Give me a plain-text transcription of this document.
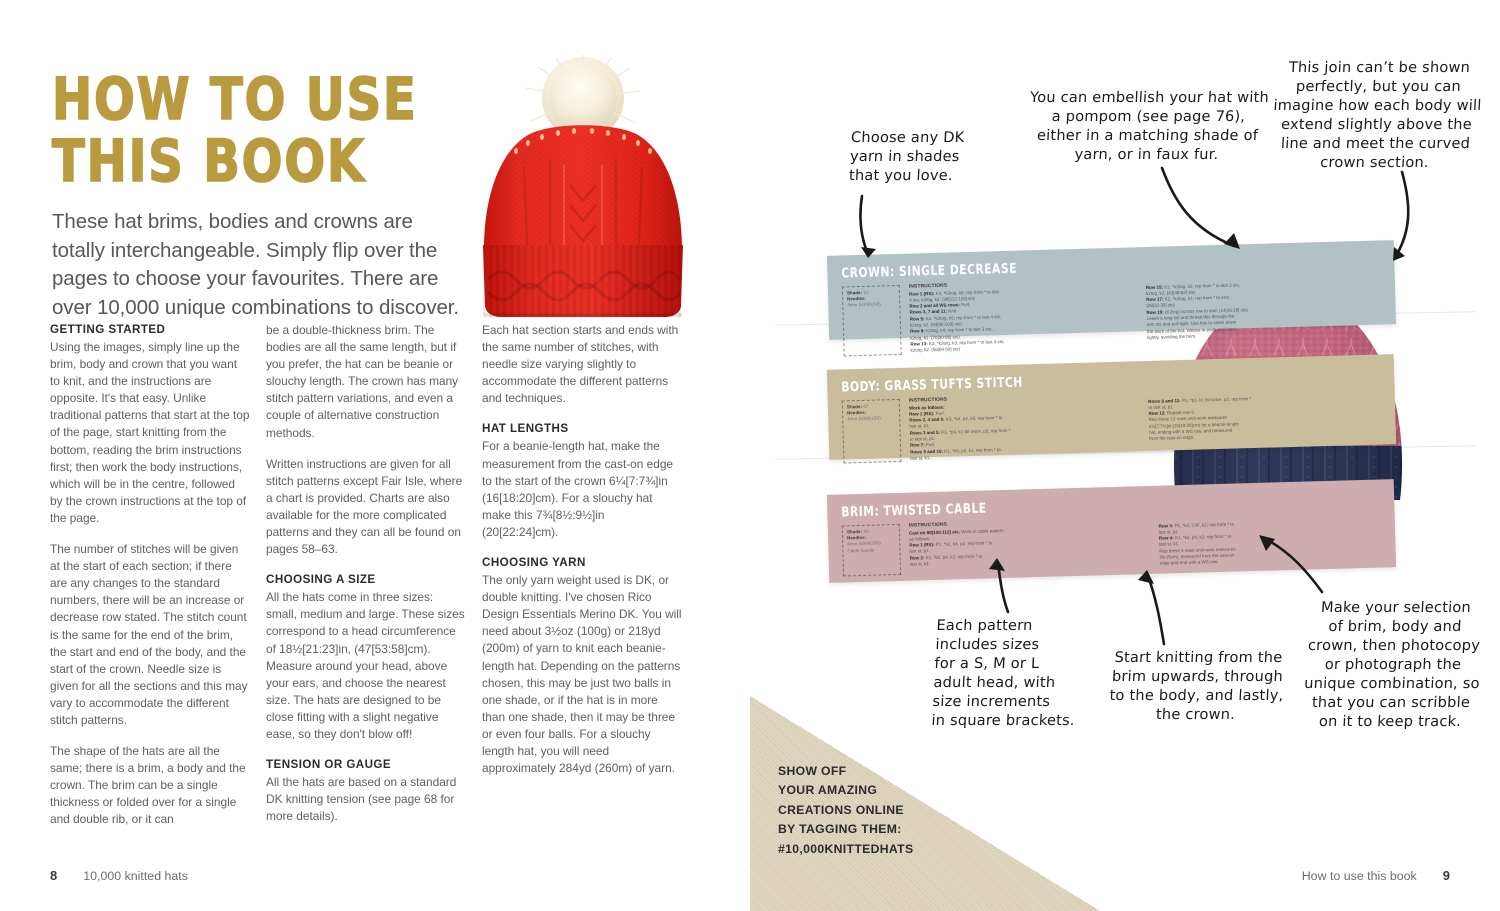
HOW TO USE
THIS BOOK
These hat brims, bodies and crowns are totally interchangeable. Simply flip over the pages to choose your favourites. There are over 10,000 unique combinations to discover.
GETTING STARTED

Using the images, simply line up the brim, body and crown that you want to knit, and the instructions are opposite. It's that easy. Unlike traditional patterns that start at the top of the page, start knitting from the bottom, reading the brim instructions first; then work the body instructions, which will be in the centre, followed by the crown instructions at the top of the page.

The number of stitches will be given at the start of each section; if there are any changes to the standard numbers, there will be an increase or decrease row stated. The stitch count is the same for the end of the brim, the start and end of the body, and the start of the crown. Needle size is given for all the sections and this may vary to accommodate the different stitch patterns.

The shape of the hats are all the same; there is a brim, a body and the crown. The brim can be a single thickness or folded over for a single and double rib, or it can

be a double-thickness brim. The bodies are all the same length, but if you prefer, the hat can be beanie or slouchy length. The crown has many stitch pattern variations, and even a couple of alternative construction methods.

Written instructions are given for all stitch patterns except Fair Isle, where a chart is provided. Charts are also available for the more complicated patterns and they can all be found on pages 58–63.

CHOOSING A SIZE

All the hats come in three sizes: small, medium and large. These sizes correspond to a head circumference of 18½[21:23]in, (47[53:58]cm). Measure around your head, above your ears, and choose the nearest size. The hats are designed to be close fitting with a slight negative ease, so they don't blow off!

TENSION OR GAUGE

All the hats are based on a standard DK knitting tension (see page 68 for more details).

Each hat section starts and ends with the same number of stitches, with needle size varying slightly to accommodate the different patterns and techniques.

HAT LENGTHS

For a beanie-length hat, make the measurement from the cast-on edge to the start of the crown 6¼[7:7¾]in (16[18:20]cm). For a slouchy hat make this 7¾[8½:9½]in (20[22:24]cm).

CHOOSING YARN

The only yarn weight used is DK, or double knitting. I've chosen Rico Design Essentials Merino DK. You will need about 3½oz (100g) or 218yd (200m) of yarn to knit each beanie-length hat. Depending on the patterns chosen, this may be just two balls in one shade, or if the hat is in more than one shade, then it may be three or even four balls. For a slouchy length hat, you will need approximately 284yd (260m) of yarn.

8 10,000 knitted hats
CROWN: SINGLE DECREASE
Shade: 01
Needles:
4mm (UK8/US6)
INSTRUCTIONS

Row 1 (RS): K4, *k2tog, k6; rep from * to last

4 sts, k2tog, k2. (98[112:120] sts)

Row 2 and all WS rows: Purl.

Rows 3, 7 and 11: Knit.

Row 5: K3, *k2tog, k5; rep from * to last 4 sts,

k2tog, k2. (84[96:103] sts)

Row 9: K2tog, k4; rep from * to last 3 sts,

k2tog, k1. (70[80:86] sts)

Row 13: K3, *k2tog, k3; rep from * to last 4 sts,

k2tog, k2. (56[64:69] sts)

Row 15: K2, *k2tog, k2; rep from * to last 3 sts,

k2tog, k2. (42[48:52] sts)

Row 17: K2, *k2tog, k1; rep from * to end.

(28[32:35] sts)

Row 19: (K2tog) across row to end. (14[16:18] sts)

Leave a long tail and thread this through the

rem sts and pull tight. Use this to seam down

the back of the hat. Weave in ends and block

lightly, avoiding the brim.

BODY: GRASS TUFTS STITCH
Shade: 07
Needles:
4mm (UK8/US6)
INSTRUCTIONS

Work as follows:

Row 1 (RS): Purl.

Rows 2, 4 and 6: K3, *k4, p2, k5; rep from * to

last st, k1.

Rows 3 and 5: P3, *p4, k1 tbl twice, p5; rep from *

to last st, p1.

Row 7: Purl.

Rows 9 and 10: K1, *k5, p2, k1; rep from * to

last st, k1.

Rows 9 and 11: P1, *p3, k1 tbl twice, p2; rep from *

to last st, p1.

Row 12: Repeat row 8.

Rep these 12 rows until work measures

6¼[7:7¾]in (16[18:20]cm) for a beanie-length

hat, ending with a WS row, and measured

from the cast-on edge.

BRIM: TWISTED CABLE
Shade: 20
Needles:
4mm (UK8/US6)
Cable needle
INSTRUCTIONS

Cast on 88[100:112] sts. Work in cable pattern

as follows:

Row 1 (RS): P1, *k2, k4, p2; rep from * to

last st, p1.

Row 2: K1, *k2, p4, k2; rep from * to

last st, k1.

Row 3: P1, *k2, C4F, k2; rep from * to

last st, p1.

Row 4: K1, *k2, p4, k2; rep from * to

last st, k1.

Rep these 4 rows until work measures

2in (5cm), measured from the cast-on

edge and end with a WS row.

Choose any DK
yarn in shades
that you love.
You can embellish your hat with
a pompom (see page 76),
either in a matching shade of
yarn, or in faux fur.
This join can’t be shown
perfectly, but you can
imagine how each body will
extend slightly above the
line and meet the curved
crown section.
Each pattern
includes sizes
for a S, M or L
adult head, with
size increments
in square brackets.
Start knitting from the
brim upwards, through
to the body, and lastly,
the crown.
Make your selection
of brim, body and
crown, then photocopy
or photograph the
unique combination, so
that you can scribble
on it to keep track.
SHOW OFF
YOUR AMAZING
CREATIONS ONLINE
BY TAGGING THEM:
#10,000KNITTEDHATS
How to use this book 9
